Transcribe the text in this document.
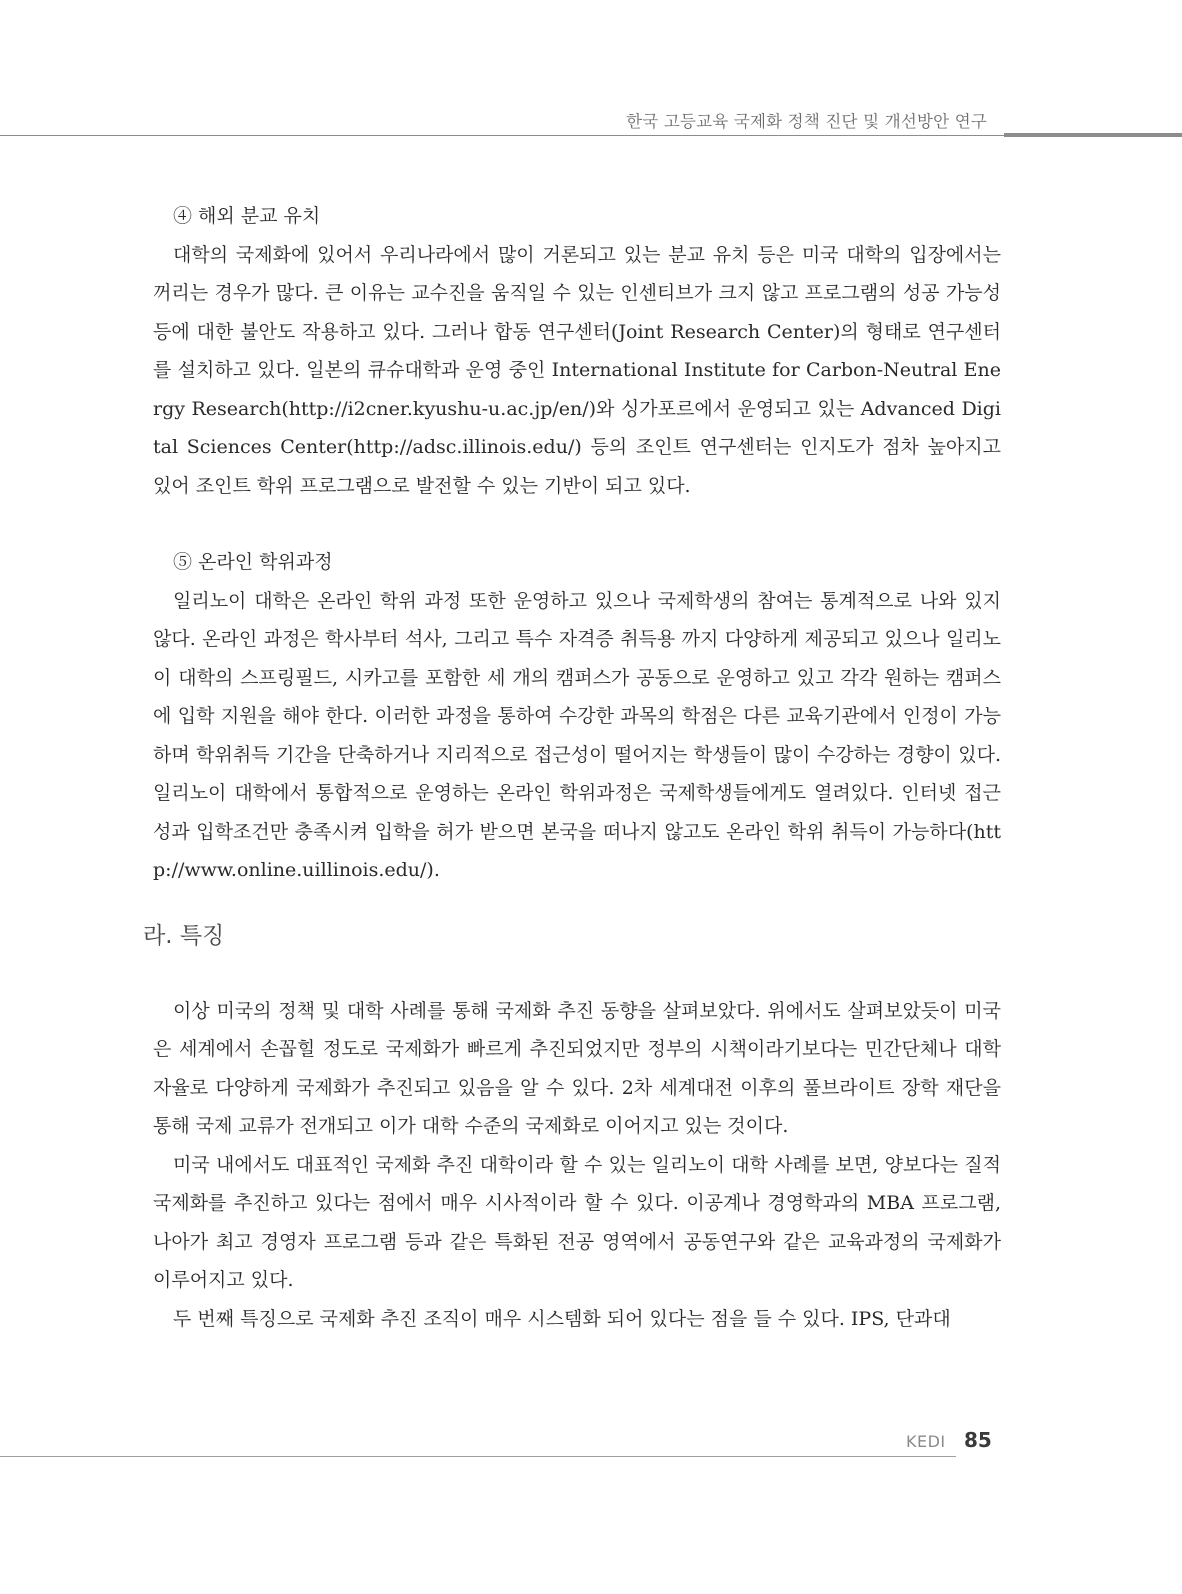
한국 고등교육 국제화 정책 진단 및 개선방안 연구
④ 해외 분교 유치

대학의 국제화에 있어서 우리나라에서 많이 거론되고 있는 분교 유치 등은 미국 대학의 입장에서는 꺼리는 경우가 많다. 큰 이유는 교수진을 움직일 수 있는 인센티브가 크지 않고 프로그램의 성공 가능성 등에 대한 불안도 작용하고 있다. 그러나 합동 연구센터(Joint Research Center)의 형태로 연구센터를 설치하고 있다. 일본의 큐슈대학과 운영 중인 International Institute for Carbon-Neutral Energy Research(http://i2cner.kyushu-u.ac.jp/en/)와 싱가포르에서 운영되고 있는 Advanced Digital Sciences Center(http://adsc.illinois.edu/) 등의 조인트 연구센터는 인지도가 점차 높아지고 있어 조인트 학위 프로그램으로 발전할 수 있는 기반이 되고 있다.

⑤ 온라인 학위과정

일리노이 대학은 온라인 학위 과정 또한 운영하고 있으나 국제학생의 참여는 통계적으로 나와 있지 않다. 온라인 과정은 학사부터 석사, 그리고 특수 자격증 취득용 까지 다양하게 제공되고 있으나 일리노이 대학의 스프링필드, 시카고를 포함한 세 개의 캠퍼스가 공동으로 운영하고 있고 각각 원하는 캠퍼스에 입학 지원을 해야 한다. 이러한 과정을 통하여 수강한 과목의 학점은 다른 교육기관에서 인정이 가능하며 학위취득 기간을 단축하거나 지리적으로 접근성이 떨어지는 학생들이 많이 수강하는 경향이 있다. 일리노이 대학에서 통합적으로 운영하는 온라인 학위과정은 국제학생들에게도 열려있다. 인터넷 접근성과 입학조건만 충족시켜 입학을 허가 받으면 본국을 떠나지 않고도 온라인 학위 취득이 가능하다(http://www.online.uillinois.edu/).

라. 특징

이상 미국의 정책 및 대학 사례를 통해 국제화 추진 동향을 살펴보았다. 위에서도 살펴보았듯이 미국은 세계에서 손꼽힐 정도로 국제화가 빠르게 추진되었지만 정부의 시책이라기보다는 민간단체나 대학 자율로 다양하게 국제화가 추진되고 있음을 알 수 있다. 2차 세계대전 이후의 풀브라이트 장학 재단을 통해 국제 교류가 전개되고 이가 대학 수준의 국제화로 이어지고 있는 것이다.

미국 내에서도 대표적인 국제화 추진 대학이라 할 수 있는 일리노이 대학 사례를 보면, 양보다는 질적 국제화를 추진하고 있다는 점에서 매우 시사적이라 할 수 있다. 이공계나 경영학과의 MBA 프로그램, 나아가 최고 경영자 프로그램 등과 같은 특화된 전공 영역에서 공동연구와 같은 교육과정의 국제화가 이루어지고 있다.

두 번째 특징으로 국제화 추진 조직이 매우 시스템화 되어 있다는 점을 들 수 있다. IPS, 단과대

KEDI 85
